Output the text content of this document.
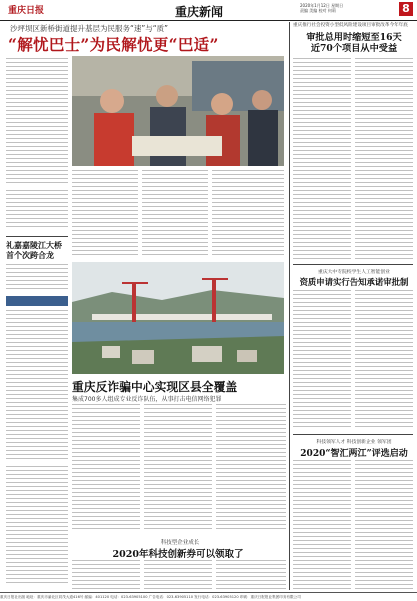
重庆日报	重庆新闻	2020年1月12日 星期日
责编 美编 校对 何莉	8
沙坪坝区新桥街道提升基层为民服务“速”与“质”
“解忧巴士”为民解忧更“巴适”
礼嘉嘉陵江大桥
首个次跨合龙
重庆反诈骗中心实现区县全覆盖
集成700多人组成专业反诈队伍，从事打击电信网络犯罪
科技型企业成长
2020年科技创新券可以领取了
重庆推行社会投资小型低风险建设项目审批改革今年年底
审批总用时缩短至16天
近70个项目从中受益
重庆大中专院校学生人工智能创业
资质申请实行告知承诺审批制
科技领军人才 科技创新企业 领军团
2020“智汇两江”评选启动
重庆日报社出版 地址：重庆市渝北区同茂大道416号 邮编：401120 电话：023-63905100 广告电话：023-63905110 发行电话：023-63905120 印刷：重庆日报报业集团印务有限公司
